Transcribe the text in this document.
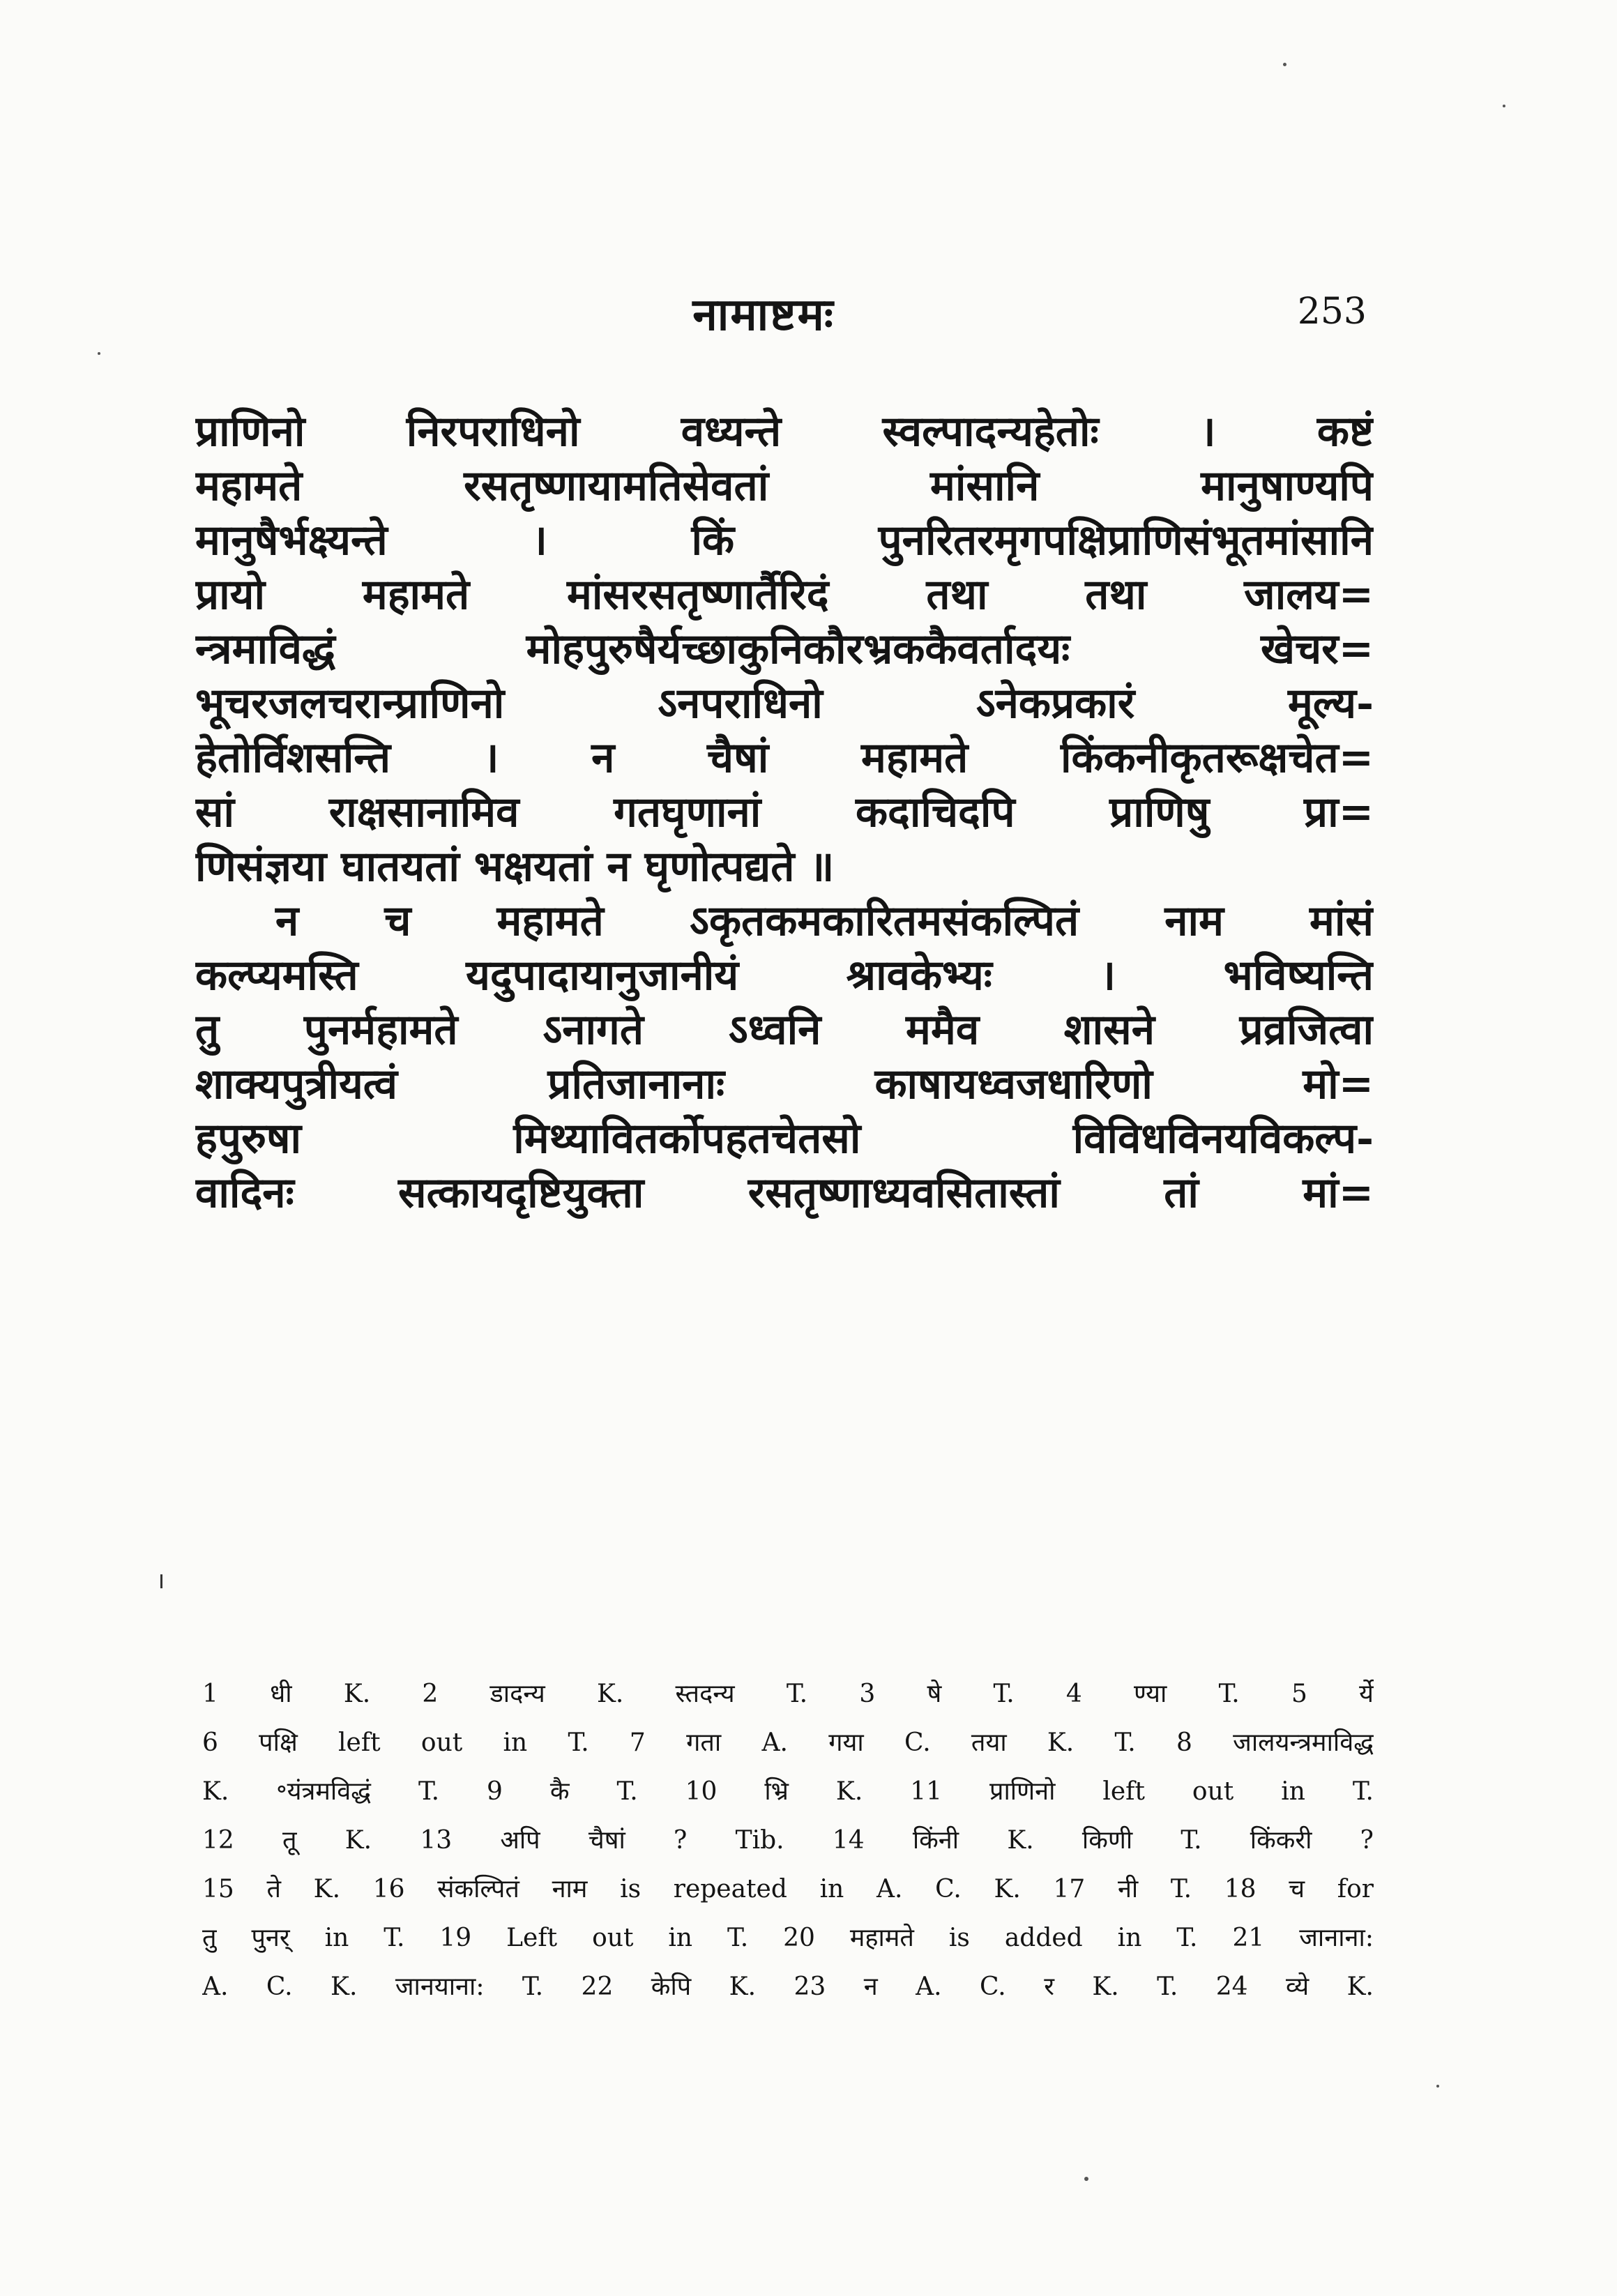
नामाष्टमः	253

प्राणिनो निरपराधिनो वध्यन्ते स्वल्पादन्यहेतोः । कष्टं
महामते रसतृष्णायामतिसेवतां मांसानि मानुषाण्यपि
मानुषैर्भक्ष्यन्ते । किं पुनरितरमृगपक्षिप्राणिसंभूतमांसानि
प्रायो महामते मांसरसतृष्णार्तैरिदं तथा तथा जालय=
न्त्रमाविद्धं मोहपुरुषैर्यच्छाकुनिकौरभ्रककैवर्तादयः खेचर=
भूचरजलचरान्प्राणिनो ऽनपराधिनो ऽनेकप्रकारं मूल्य-
हेतोर्विशसन्ति । न चैषां महामते किंकनीकृतरूक्षचेत=
सां राक्षसानामिव गतघृणानां कदाचिदपि प्राणिषु प्रा=
णिसंज्ञया घातयतां भक्षयतां न घृणोत्पद्यते ॥

न च महामते ऽकृतकमकारितमसंकल्पितं नाम मांसं
कल्प्यमस्ति यदुपादायानुजानीयं श्रावकेभ्यः । भविष्यन्ति
तु पुनर्महामते ऽनागते ऽध्वनि ममैव शासने प्रव्रजित्वा
शाक्यपुत्रीयत्वं प्रतिजानानाः काषायध्वजधारिणो मो=
हपुरुषा मिथ्यावितर्कोपहतचेतसो विविधविनयविकल्प-
वादिनः सत्कायदृष्टियुक्ता रसतृष्णाध्यवसितास्तां तां मां=

1 धी K. 2 डादन्य K. स्तदन्य T. 3 षे T. 4 ण्या T. 5 र्ये
6 पक्षि left out in T. 7 गता A. गया C. तया K. T. 8 जालयन्त्रमाविद्ध
K. ॰यंत्रमविद्धं T. 9 कै T. 10 भ्रि K. 11 प्राणिनो left out in T.
12 तू K. 13 अपि चैषां ? Tib. 14 किंनी K. किणी T. किंकरी ?
15 ते K. 16 संकल्पितं नाम is repeated in A. C. K. 17 नी T. 18 च for
तु पुनर् in T. 19 Left out in T. 20 महामते is added in T. 21 जानाना:
A. C. K. जानयाना: T. 22 केपि K. 23 न A. C. र K. T. 24 व्ये K.
